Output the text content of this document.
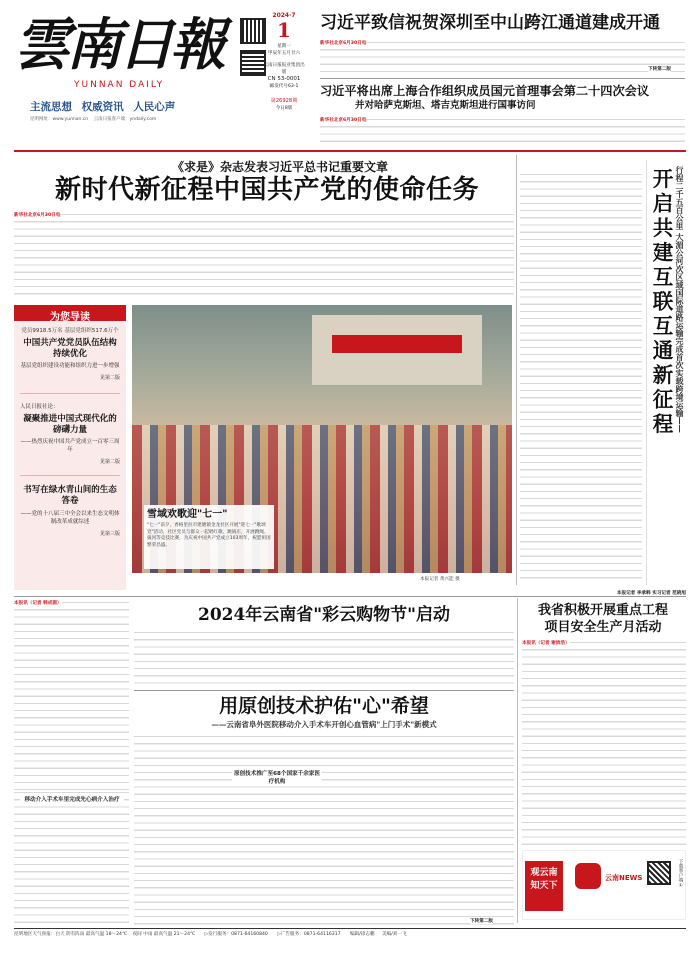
雲南日報
YUNNAN DAILY
主流思想 权威资讯 人民心声
昆明网址：www.yunnan.cn 云南日报客户端：yndaily.com
2024·7
1
星期一
甲辰年五月廿六
云南日报报业集团出版
CN 53-0001
邮发代号63-1
第26928期
今日8版
习近平致信祝贺深圳至中山跨江通道建成开通
新华社北京6月30日电
下转第二版
习近平将出席上海合作组织成员国元首理事会第二十四次会议
并对哈萨克斯坦、塔吉克斯坦进行国事访问
新华社北京6月30日电
《求是》杂志发表习近平总书记重要文章
新时代新征程中国共产党的使命任务
新华社北京6月30日电	行程二千五百公里 大湄公河次区域国际道路运输完成首次实载跨境运输——
开启共建互联互通新征程
本报记者 李承韩 实习记者 范晓旭
为您导读
党员9918.5万名 基层党组织517.6万个
中国共产党党员队伍结构持续优化
基层党组织建设功能和组织力进一步增强
见第二版
人民日报社论：
凝聚推进中国式现代化的磅礴力量
——热烈庆祝中国共产党成立一百零三周年
见第二版
书写在绿水青山间的生态答卷
——党的十八届三中全会以来生态文明体制改革成就综述
见第三版
雪域欢歌迎"七一"
"七一"前夕，香格里拉市建塘镇金龙社区开展"迎七一"歌颂党"活动，社区党员与群众一起唱红歌、跳锅庄，开展跳绳、拔河等竞技比赛，为庆祝中国共产党成立103周年，祝愿祖国繁荣昌盛。
本报记者 黄兴能 摄
本报讯（记者 韩成圆）
2024年云南省"彩云购物节"启动	我省积极开展重点工程项目安全生产月活动
本报讯（记者 谢滨浩）
移动介入手术车里完成先心病介入治疗
用原创技术护佑"心"希望
——云南省阜外医院移动介入手术车开创心血管病"上门手术"新模式
原创技术推广至68个国家千余家医疗机构
下转第二版
观云南 知天下
云南NEWS	下载客户端 ①
昆明地区天气预报：白天 阴有阵雨 最高气温 18～24℃ 夜间 中雨 最高气温 21～24℃ ▷发行服务：0871-64160840 ▷广告服务：0871-64116317 编辑/徐志鹏 美编/刘一飞
